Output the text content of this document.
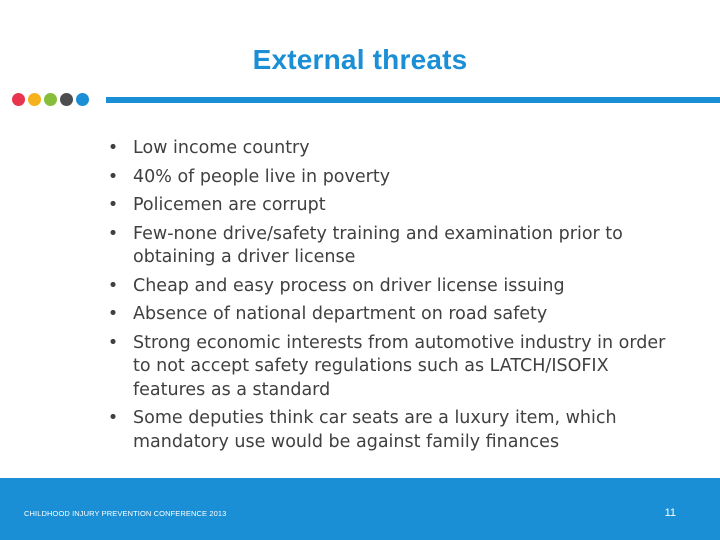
External threats
• Low income country
• 40% of people live in poverty
• Policemen are corrupt
• Few-none drive/safety training and examination prior to obtaining a driver license
• Cheap and easy process on driver license issuing
• Absence of national department on road safety
• Strong economic interests from automotive industry in order to not accept safety regulations such as LATCH/ISOFIX features as a standard
• Some deputies think car seats are a luxury item, which mandatory use would be against family finances
CHILDHOOD INJURY PREVENTION CONFERENCE 2013	11
